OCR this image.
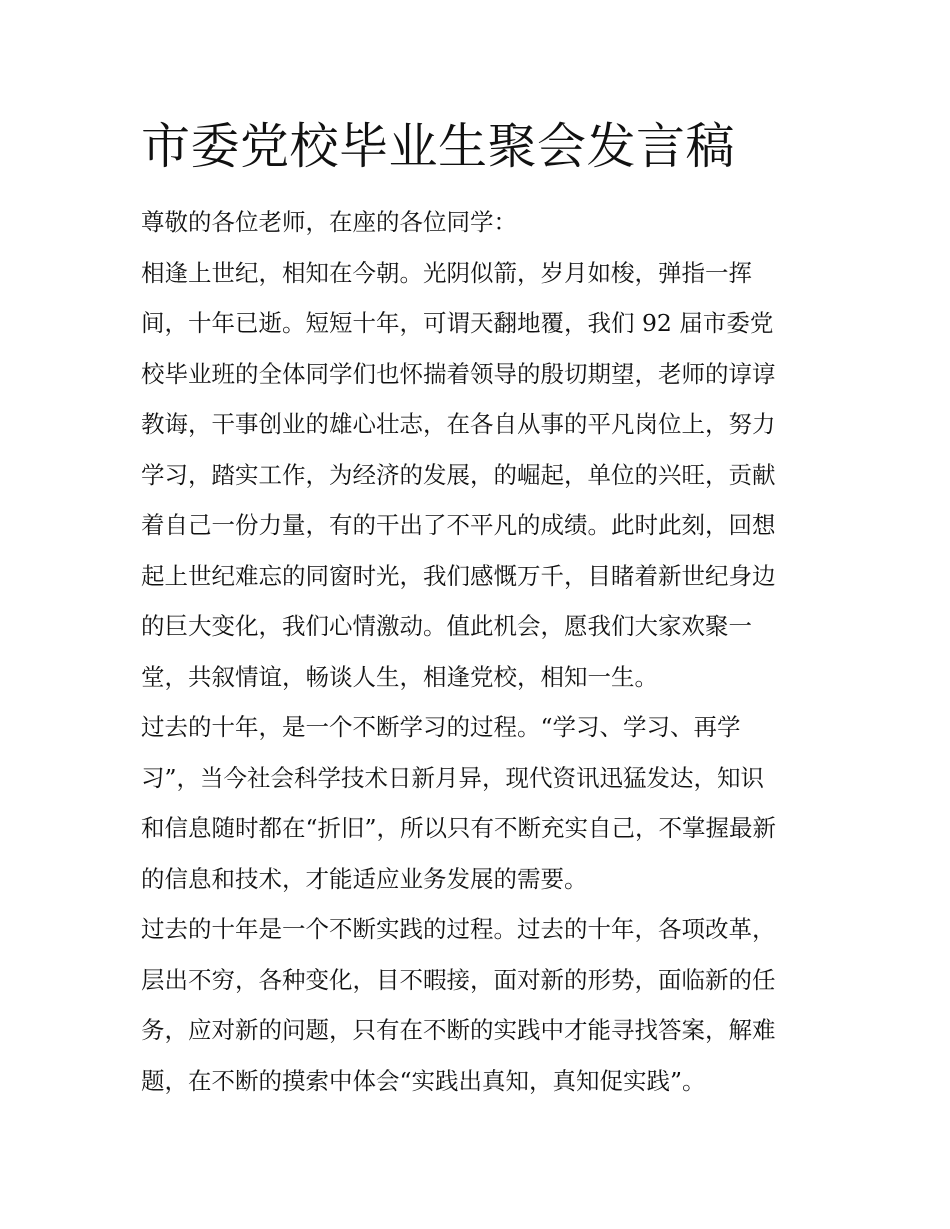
市委党校毕业生聚会发言稿

尊敬的各位老师，在座的各位同学：

相逢上世纪，相知在今朝。光阴似箭，岁月如梭，弹指一挥
间，十年已逝。短短十年，可谓天翻地覆，我们 92 届市委党
校毕业班的全体同学们也怀揣着领导的殷切期望，老师的谆谆
教诲，干事创业的雄心壮志，在各自从事的平凡岗位上，努力
学习，踏实工作，为经济的发展，的崛起，单位的兴旺，贡献
着自己一份力量，有的干出了不平凡的成绩。此时此刻，回想
起上世纪难忘的同窗时光，我们感慨万千，目睹着新世纪身边
的巨大变化，我们心情激动。值此机会，愿我们大家欢聚一
堂，共叙情谊，畅谈人生，相逢党校，相知一生。

过去的十年，是一个不断学习的过程。“学习、学习、再学
习”，当今社会科学技术日新月异，现代资讯迅猛发达，知识
和信息随时都在“折旧”，所以只有不断充实自己，不掌握最新
的信息和技术，才能适应业务发展的需要。

过去的十年是一个不断实践的过程。过去的十年，各项改革，
层出不穷，各种变化，目不暇接，面对新的形势，面临新的任
务，应对新的问题，只有在不断的实践中才能寻找答案，解难
题，在不断的摸索中体会“实践出真知，真知促实践”。
